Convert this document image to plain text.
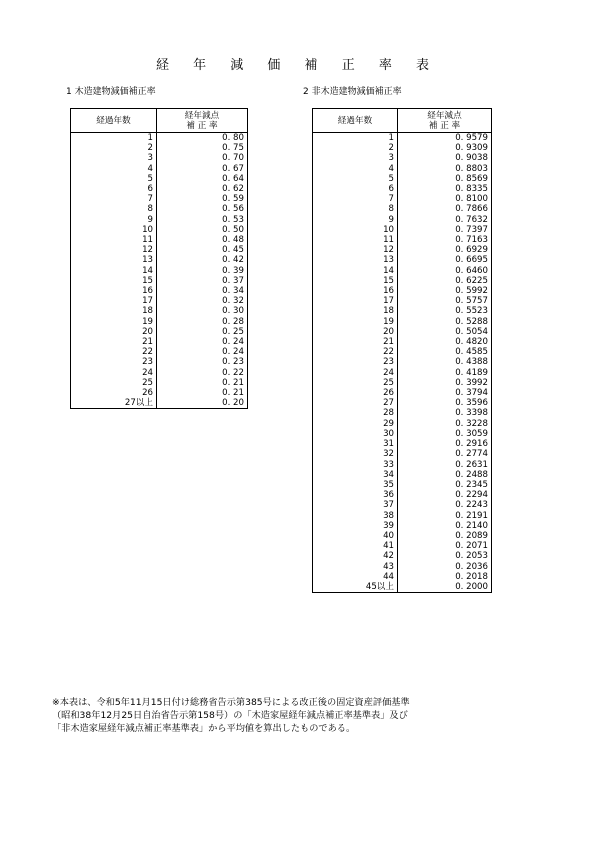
経 年 減 価 補 正 率 表
1 木造建物減価補正率	2 非木造建物減価補正率
経過年数	経年減点
補 正 率

1	0. 80
2	0. 75
3	0. 70
4	0. 67
5	0. 64
6	0. 62
7	0. 59
8	0. 56
9	0. 53
10	0. 50
11	0. 48
12	0. 45
13	0. 42
14	0. 39
15	0. 37
16	0. 34
17	0. 32
18	0. 30
19	0. 28
20	0. 25
21	0. 24
22	0. 24
23	0. 23
24	0. 22
25	0. 21
26	0. 21
27以上	0. 20
経過年数	経年減点
補 正 率

1	0. 9579
2	0. 9309
3	0. 9038
4	0. 8803
5	0. 8569
6	0. 8335
7	0. 8100
8	0. 7866
9	0. 7632
10	0. 7397
11	0. 7163
12	0. 6929
13	0. 6695
14	0. 6460
15	0. 6225
16	0. 5992
17	0. 5757
18	0. 5523
19	0. 5288
20	0. 5054
21	0. 4820
22	0. 4585
23	0. 4388
24	0. 4189
25	0. 3992
26	0. 3794
27	0. 3596
28	0. 3398
29	0. 3228
30	0. 3059
31	0. 2916
32	0. 2774
33	0. 2631
34	0. 2488
35	0. 2345
36	0. 2294
37	0. 2243
38	0. 2191
39	0. 2140
40	0. 2089
41	0. 2071
42	0. 2053
43	0. 2036
44	0. 2018
45以上	0. 2000
※本表は、令和5年11月15日付け総務省告示第385号による改正後の固定資産評価基準
（昭和38年12月25日自治省告示第158号）の「木造家屋経年減点補正率基準表」及び
「非木造家屋経年減点補正率基準表」から平均値を算出したものである。
